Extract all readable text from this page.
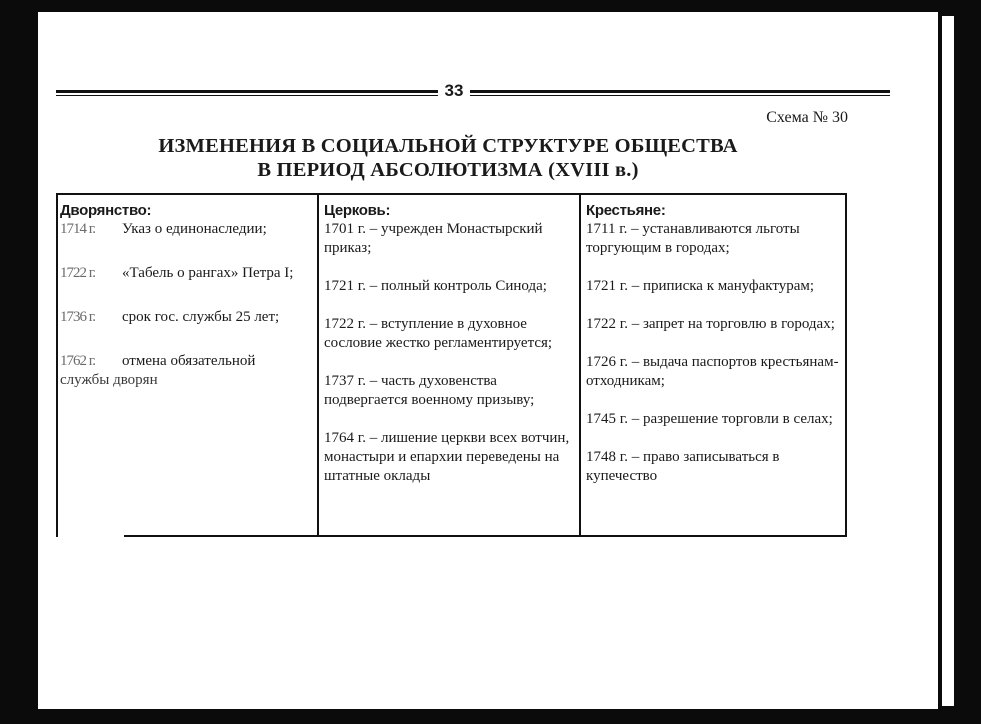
33
Схема № 30
ИЗМЕНЕНИЯ В СОЦИАЛЬНОЙ СТРУКТУРЕ ОБЩЕСТВА
В ПЕРИОД АБСОЛЮТИЗМА (XVIII в.)
Дворянство:
1714 г.	Указ о единонаследии;
1722 г.	«Табель о рангах» Петра I;
1736 г.	срок гос. службы 25 лет;
1762 г.	отмена обязательной
службы дворян
Церковь:
1701 г. – учрежден Монастырский приказ;
1721 г. – полный контроль Синода;
1722 г. – вступление в духовное сословие жестко регламентируется;
1737 г. – часть духовенства подвергается военному призыву;
1764 г. – лишение церкви всех вотчин, монастыри и епархии переведены на штатные оклады
Крестьяне:
1711 г. – устанавливаются льготы торгующим в городах;
1721 г. – приписка к мануфактурам;
1722 г. – запрет на торговлю в городах;
1726 г. – выдача паспортов крестьянам-отходникам;
1745 г. – разрешение торговли в селах;
1748 г. – право записываться в купечество
